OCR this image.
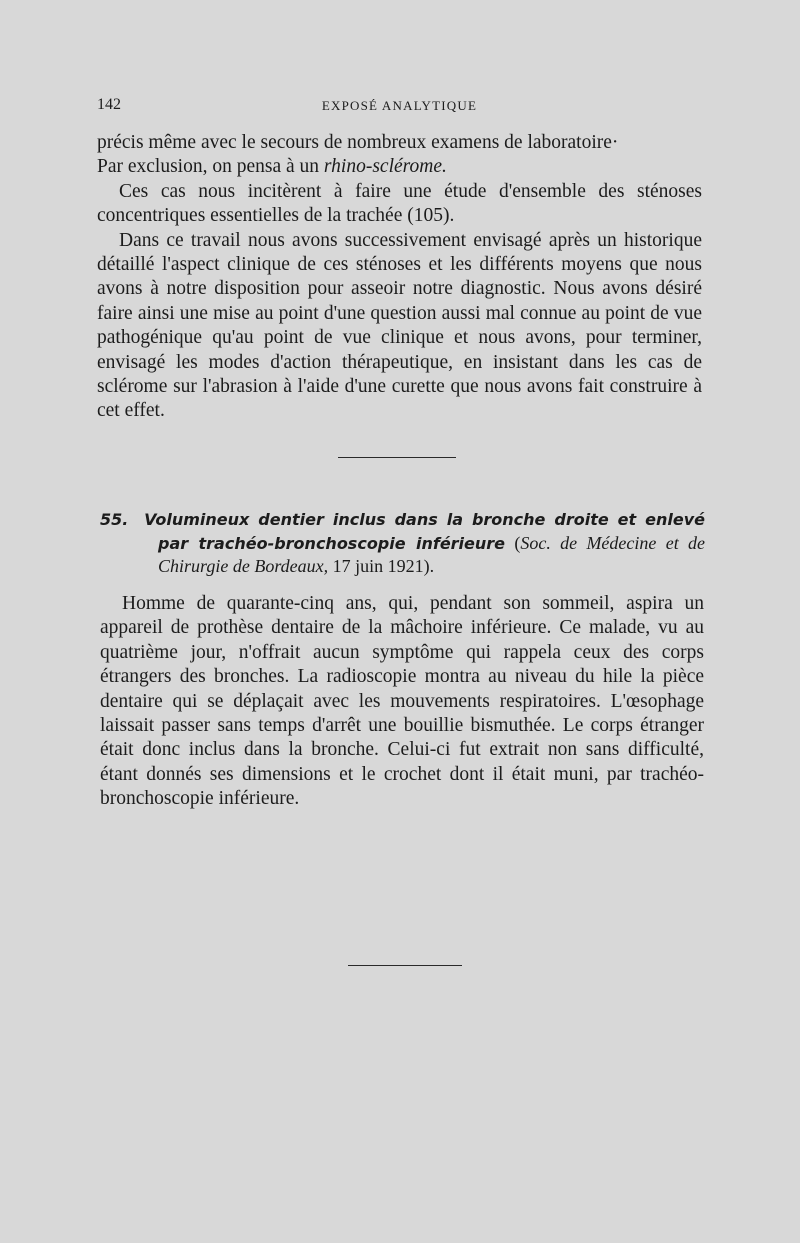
142	EXPOSÉ ANALYTIQUE

précis même avec le secours de nombreux examens de laboratoire·
Par exclusion, on pensa à un rhino-sclérome.

Ces cas nous incitèrent à faire une étude d'ensemble des sténoses concentriques essentielles de la trachée (105).

Dans ce travail nous avons successivement envisagé après un historique détaillé l'aspect clinique de ces sténoses et les différents moyens que nous avons à notre disposition pour asseoir notre diagnostic. Nous avons désiré faire ainsi une mise au point d'une question aussi mal connue au point de vue pathogénique qu'au point de vue clinique et nous avons, pour terminer, envisagé les modes d'action thérapeutique, en insistant dans les cas de sclérome sur l'abrasion à l'aide d'une curette que nous avons fait construire à cet effet.

55. Volumineux dentier inclus dans la bronche droite et enlevé par trachéo-bronchoscopie inférieure (Soc. de Médecine et de Chirurgie de Bordeaux, 17 juin 1921).

Homme de quarante-cinq ans, qui, pendant son sommeil, aspira un appareil de prothèse dentaire de la mâchoire inférieure. Ce malade, vu au quatrième jour, n'offrait aucun symptôme qui rappela ceux des corps étrangers des bronches. La radioscopie montra au niveau du hile la pièce dentaire qui se déplaçait avec les mouvements respiratoires. L'œsophage laissait passer sans temps d'arrêt une bouillie bismuthée. Le corps étranger était donc inclus dans la bronche. Celui-ci fut extrait non sans difficulté, étant donnés ses dimensions et le crochet dont il était muni, par trachéo-bronchoscopie inférieure.
